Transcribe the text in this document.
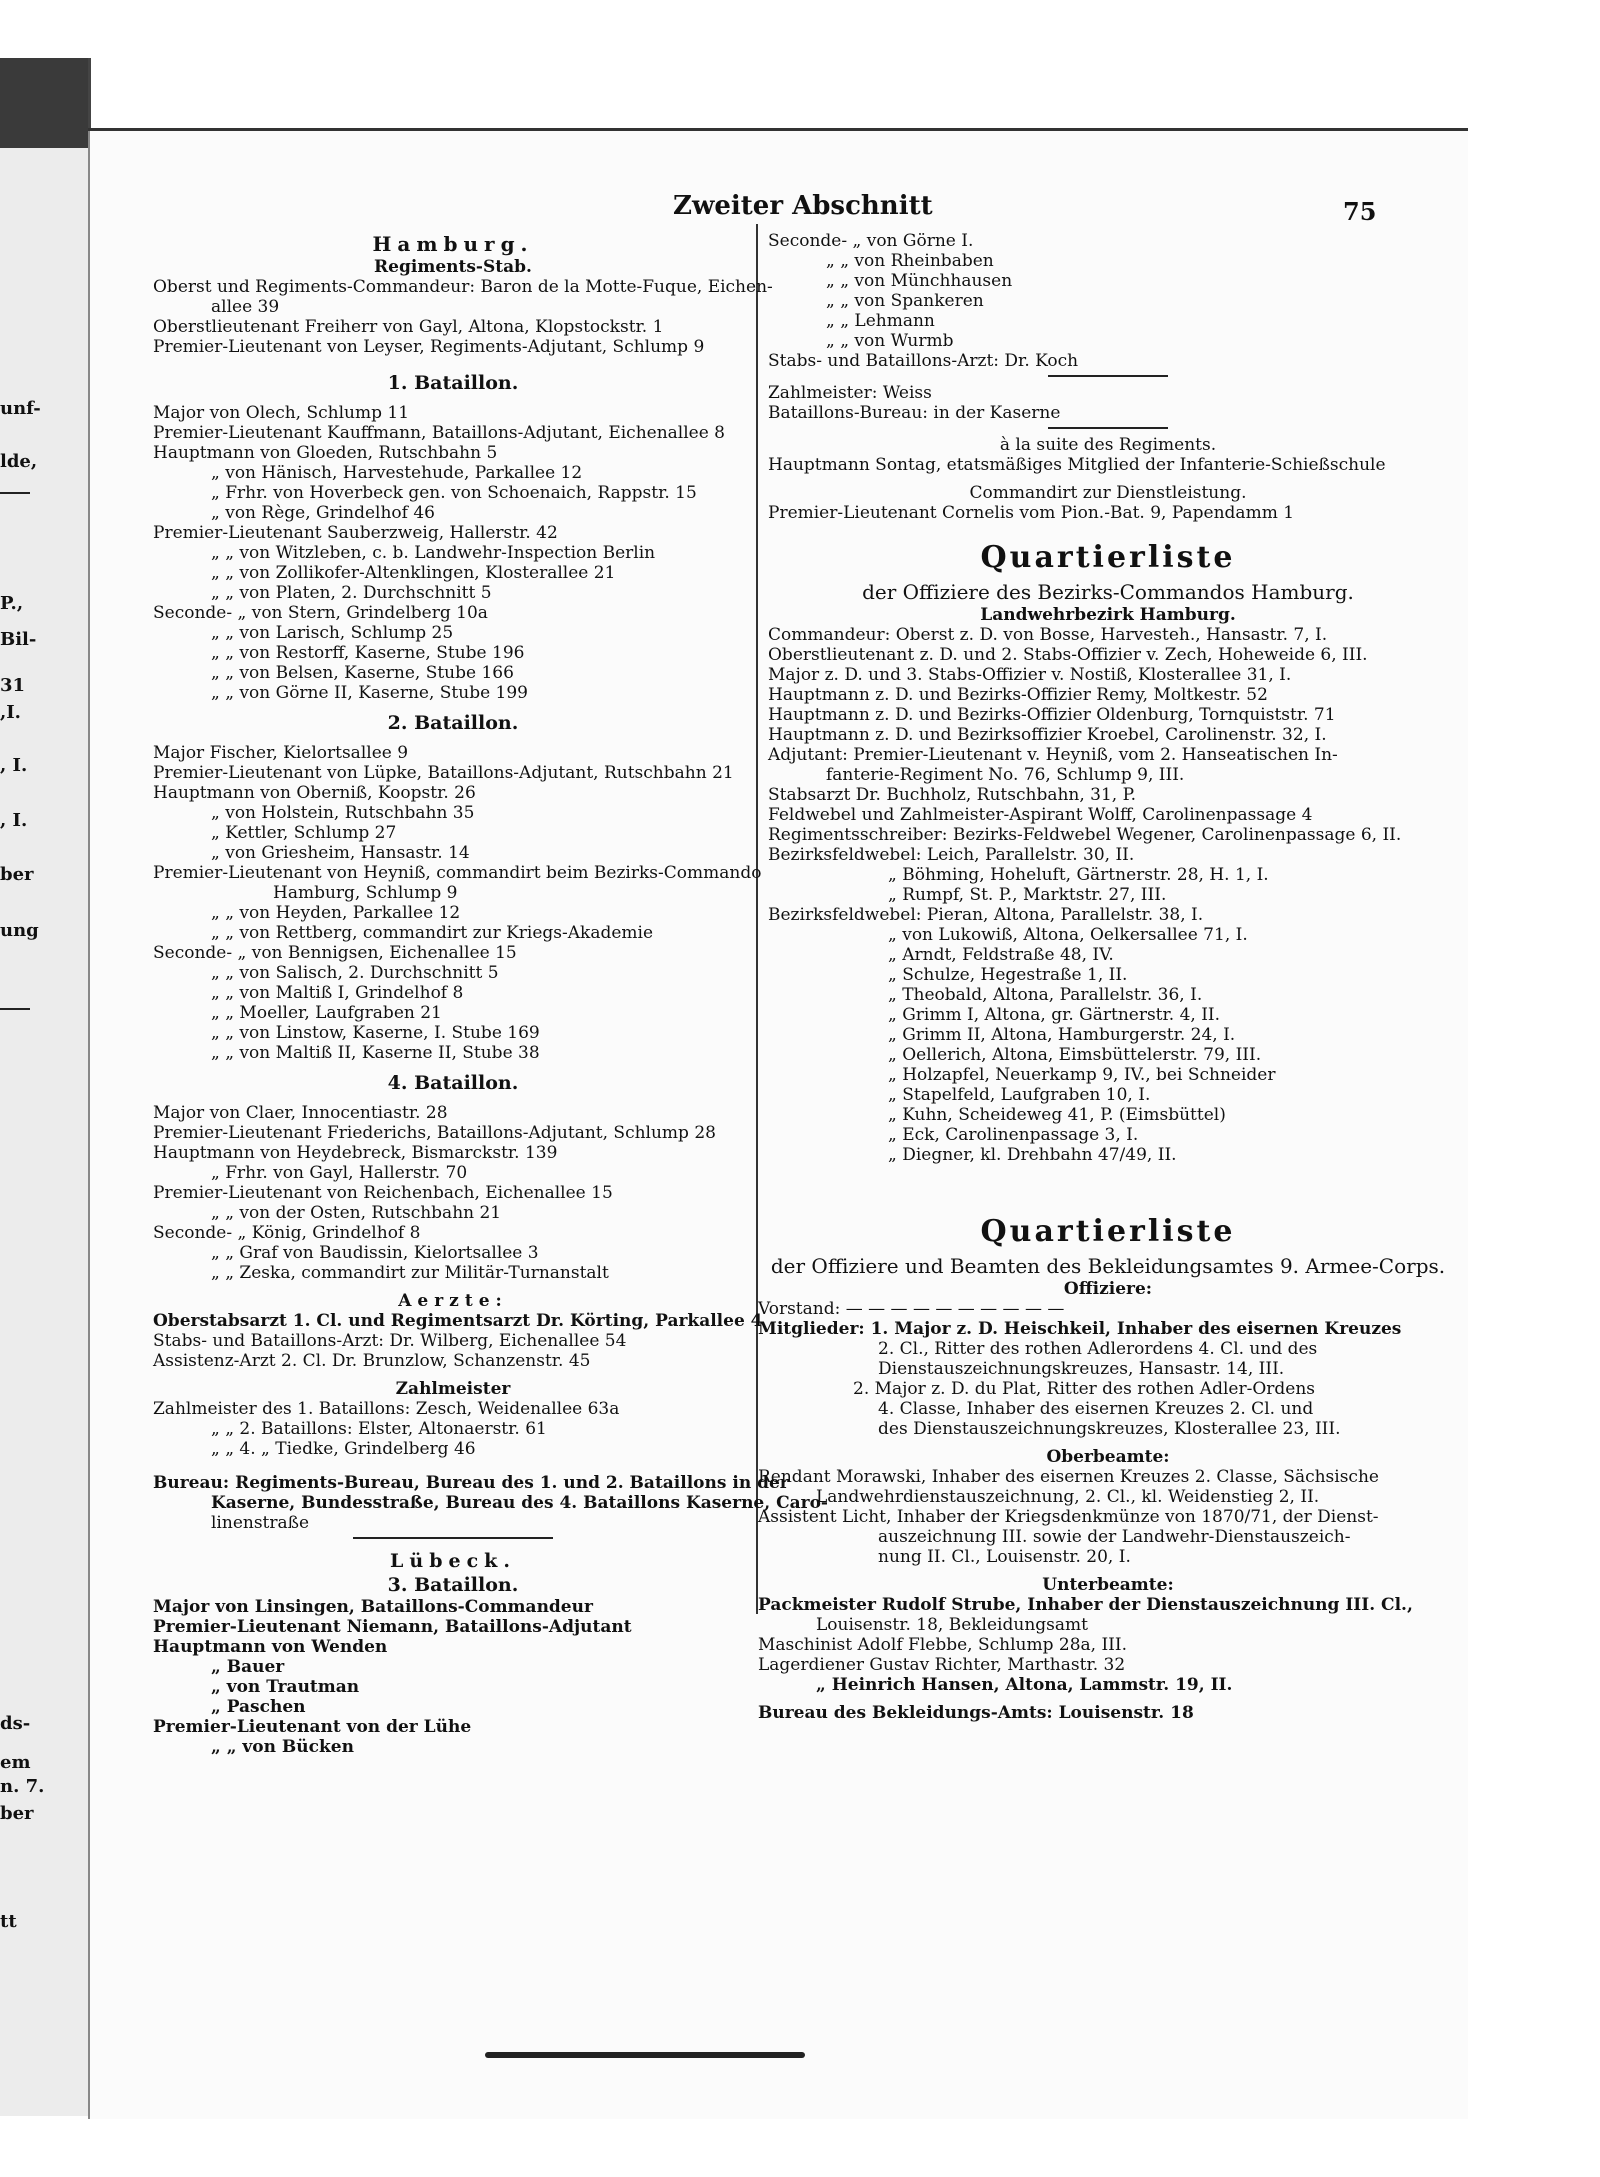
unf-
lde,
P.,
Bil-
31
,I.
, I.
, I.
ber
ung
ds-
em
n. 7.
ber
tt
Zweiter Abschnitt	75
Hamburg.
Regiments-Stab.
Oberst und Regiments-Commandeur: Baron de la Motte-Fuque, Eichen-
allee 39
Oberstlieutenant Freiherr von Gayl, Altona, Klopstockstr. 1
Premier-Lieutenant von Leyser, Regiments-Adjutant, Schlump 9
1. Bataillon.
Major von Olech, Schlump 11
Premier-Lieutenant Kauffmann, Bataillons-Adjutant, Eichenallee 8
Hauptmann von Gloeden, Rutschbahn 5
„ von Hänisch, Harvestehude, Parkallee 12
„ Frhr. von Hoverbeck gen. von Schoenaich, Rappstr. 15
„ von Rège, Grindelhof 46
Premier-Lieutenant Sauberzweig, Hallerstr. 42
„ „ von Witzleben, c. b. Landwehr-Inspection Berlin
„ „ von Zollikofer-Altenklingen, Klosterallee 21
„ „ von Platen, 2. Durchschnitt 5
Seconde- „ von Stern, Grindelberg 10a
„ „ von Larisch, Schlump 25
„ „ von Restorff, Kaserne, Stube 196
„ „ von Belsen, Kaserne, Stube 166
„ „ von Görne II, Kaserne, Stube 199
2. Bataillon.
Major Fischer, Kielortsallee 9
Premier-Lieutenant von Lüpke, Bataillons-Adjutant, Rutschbahn 21
Hauptmann von Oberniß, Koopstr. 26
„ von Holstein, Rutschbahn 35
„ Kettler, Schlump 27
„ von Griesheim, Hansastr. 14
Premier-Lieutenant von Heyniß, commandirt beim Bezirks-Commando
Hamburg, Schlump 9
„ „ von Heyden, Parkallee 12
„ „ von Rettberg, commandirt zur Kriegs-Akademie
Seconde- „ von Bennigsen, Eichenallee 15
„ „ von Salisch, 2. Durchschnitt 5
„ „ von Maltiß I, Grindelhof 8
„ „ Moeller, Laufgraben 21
„ „ von Linstow, Kaserne, I. Stube 169
„ „ von Maltiß II, Kaserne II, Stube 38
4. Bataillon.
Major von Claer, Innocentiastr. 28
Premier-Lieutenant Friederichs, Bataillons-Adjutant, Schlump 28
Hauptmann von Heydebreck, Bismarckstr. 139
„ Frhr. von Gayl, Hallerstr. 70
Premier-Lieutenant von Reichenbach, Eichenallee 15
„ „ von der Osten, Rutschbahn 21
Seconde- „ König, Grindelhof 8
„ „ Graf von Baudissin, Kielortsallee 3
„ „ Zeska, commandirt zur Militär-Turnanstalt
Aerzte:
Oberstabsarzt 1. Cl. und Regimentsarzt Dr. Körting, Parkallee 4
Stabs- und Bataillons-Arzt: Dr. Wilberg, Eichenallee 54
Assistenz-Arzt 2. Cl. Dr. Brunzlow, Schanzenstr. 45
Zahlmeister
Zahlmeister des 1. Bataillons: Zesch, Weidenallee 63a
„ „ 2. Bataillons: Elster, Altonaerstr. 61
„ „ 4. „ Tiedke, Grindelberg 46
Bureau: Regiments-Bureau, Bureau des 1. und 2. Bataillons in der
Kaserne, Bundesstraße, Bureau des 4. Bataillons Kaserne, Caro-
linenstraße
Lübeck.
3. Bataillon.
Major von Linsingen, Bataillons-Commandeur
Premier-Lieutenant Niemann, Bataillons-Adjutant
Hauptmann von Wenden
„ Bauer
„ von Trautman
„ Paschen
Premier-Lieutenant von der Lühe
„ „ von Bücken
Seconde- „ von Görne I.
„ „ von Rheinbaben
„ „ von Münchhausen
„ „ von Spankeren
„ „ Lehmann
„ „ von Wurmb
Stabs- und Bataillons-Arzt: Dr. Koch
Zahlmeister: Weiss
Bataillons-Bureau: in der Kaserne
à la suite des Regiments.
Hauptmann Sontag, etatsmäßiges Mitglied der Infanterie-Schießschule
Commandirt zur Dienstleistung.
Premier-Lieutenant Cornelis vom Pion.-Bat. 9, Papendamm 1
Quartierliste
der Offiziere des Bezirks-Commandos Hamburg.
Landwehrbezirk Hamburg.
Commandeur: Oberst z. D. von Bosse, Harvesteh., Hansastr. 7, I.
Oberstlieutenant z. D. und 2. Stabs-Offizier v. Zech, Hoheweide 6, III.
Major z. D. und 3. Stabs-Offizier v. Nostiß, Klosterallee 31, I.
Hauptmann z. D. und Bezirks-Offizier Remy, Moltkestr. 52
Hauptmann z. D. und Bezirks-Offizier Oldenburg, Tornquiststr. 71
Hauptmann z. D. und Bezirksoffizier Kroebel, Carolinenstr. 32, I.
Adjutant: Premier-Lieutenant v. Heyniß, vom 2. Hanseatischen In-
fanterie-Regiment No. 76, Schlump 9, III.
Stabsarzt Dr. Buchholz, Rutschbahn, 31, P.
Feldwebel und Zahlmeister-Aspirant Wolff, Carolinenpassage 4
Regimentsschreiber: Bezirks-Feldwebel Wegener, Carolinenpassage 6, II.
Bezirksfeldwebel: Leich, Parallelstr. 30, II.
„ Böhming, Hoheluft, Gärtnerstr. 28, H. 1, I.
„ Rumpf, St. P., Marktstr. 27, III.
Bezirksfeldwebel: Pieran, Altona, Parallelstr. 38, I.
„ von Lukowiß, Altona, Oelkersallee 71, I.
„ Arndt, Feldstraße 48, IV.
„ Schulze, Hegestraße 1, II.
„ Theobald, Altona, Parallelstr. 36, I.
„ Grimm I, Altona, gr. Gärtnerstr. 4, II.
„ Grimm II, Altona, Hamburgerstr. 24, I.
„ Oellerich, Altona, Eimsbüttelerstr. 79, III.
„ Holzapfel, Neuerkamp 9, IV., bei Schneider
„ Stapelfeld, Laufgraben 10, I.
„ Kuhn, Scheideweg 41, P. (Eimsbüttel)
„ Eck, Carolinenpassage 3, I.
„ Diegner, kl. Drehbahn 47/49, II.
Quartierliste
der Offiziere und Beamten des Bekleidungsamtes 9. Armee-Corps.
Offiziere:
Vorstand: — — — — — — — — — —
Mitglieder: 1. Major z. D. Heischkeil, Inhaber des eisernen Kreuzes
2. Cl., Ritter des rothen Adlerordens 4. Cl. und des
Dienstauszeichnungskreuzes, Hansastr. 14, III.
2. Major z. D. du Plat, Ritter des rothen Adler-Ordens
4. Classe, Inhaber des eisernen Kreuzes 2. Cl. und
des Dienstauszeichnungskreuzes, Klosterallee 23, III.
Oberbeamte:
Rendant Morawski, Inhaber des eisernen Kreuzes 2. Classe, Sächsische
Landwehrdienstauszeichnung, 2. Cl., kl. Weidenstieg 2, II.
Assistent Licht, Inhaber der Kriegsdenkmünze von 1870/71, der Dienst-
auszeichnung III. sowie der Landwehr-Dienstauszeich-
nung II. Cl., Louisenstr. 20, I.
Unterbeamte:
Packmeister Rudolf Strube, Inhaber der Dienstauszeichnung III. Cl.,
Louisenstr. 18, Bekleidungsamt
Maschinist Adolf Flebbe, Schlump 28a, III.
Lagerdiener Gustav Richter, Marthastr. 32
„ Heinrich Hansen, Altona, Lammstr. 19, II.
Bureau des Bekleidungs-Amts: Louisenstr. 18
